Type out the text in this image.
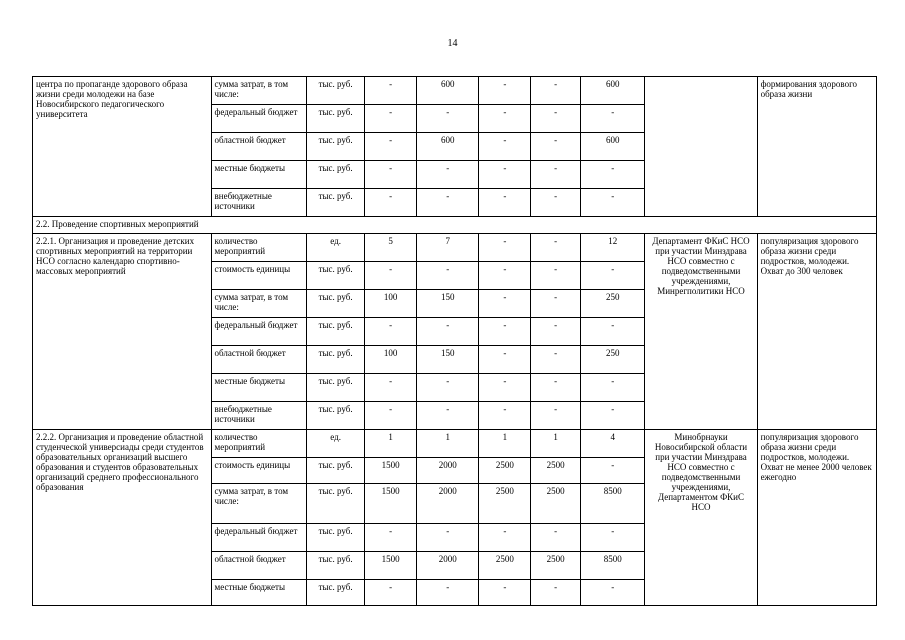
14
центра по пропаганде здорового образа жизни среди молодежи на базе Новосибирского педагогического университета	сумма затрат, в том числе:	тыс. руб.	-	600	-	-	600		формирования здорового образа жизни
	федеральный бюджет	тыс. руб.	-	-	-	-	-		
	областной бюджет	тыс. руб.	-	600	-	-	600		
	местные бюджеты	тыс. руб.	-	-	-	-	-		
	внебюджетные источники	тыс. руб.	-	-	-	-	-		
2.2. Проведение спортивных мероприятий									
2.2.1. Организация и проведение детских спортивных мероприятий на территории НСО согласно календарю спортивно-массовых мероприятий	количество мероприятий	ед.	5	7	-	-	12	Департамент ФКиС НСО при участии Минздрава НСО совместно с подведомственными учреждениями, Минрегполитики НСО	популяризация здорового образа жизни среди подростков, молодежи. Охват до 300 человек
	стоимость единицы	тыс. руб.	-	-	-	-	-		
	сумма затрат, в том числе:	тыс. руб.	100	150	-	-	250		
	федеральный бюджет	тыс. руб.	-	-	-	-	-		
	областной бюджет	тыс. руб.	100	150	-	-	250		
	местные бюджеты	тыс. руб.	-	-	-	-	-		
	внебюджетные источники	тыс. руб.	-	-	-	-	-		
2.2.2. Организация и проведение областной студенческой универсиады среди студентов образовательных организаций высшего образования и студентов образовательных организаций среднего профессионального образования	количество мероприятий	ед.	1	1	1	1	4	Минобрнауки Новосибирской области при участии Минздрава НСО совместно с подведомственными учреждениями, Департаментом ФКиС НСО	популяризация здорового образа жизни среди подростков, молодежи. Охват не менее 2000 человек ежегодно
	стоимость единицы	тыс. руб.	1500	2000	2500	2500	-		
	сумма затрат, в том числе:	тыс. руб.	1500	2000	2500	2500	8500		
	федеральный бюджет	тыс. руб.	-	-	-	-	-		
	областной бюджет	тыс. руб.	1500	2000	2500	2500	8500		
	местные бюджеты	тыс. руб.	-	-	-	-	-		
